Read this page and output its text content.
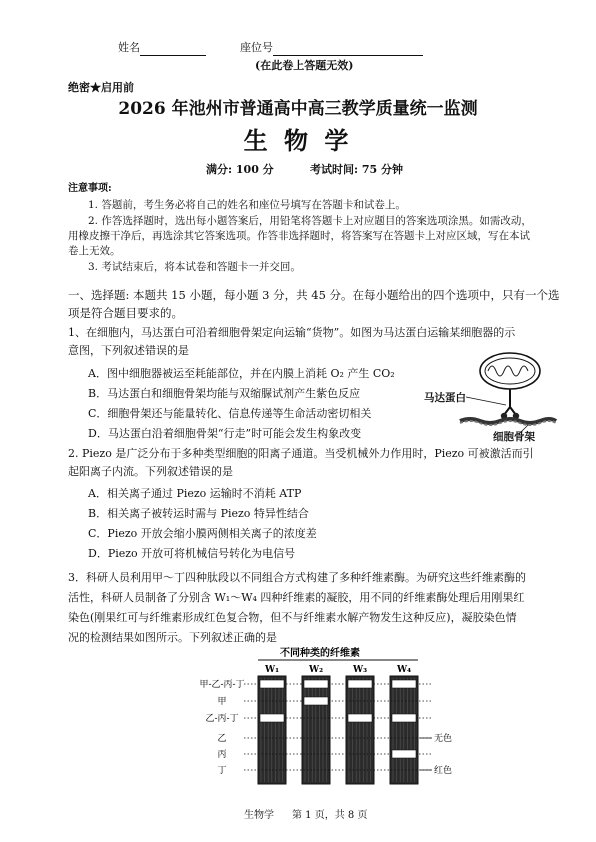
姓名	座位号
(在此卷上答题无效)
绝密★启用前
2026 年池州市普通高中高三教学质量统一监测
生 物 学
满分: 100 分	考试时间: 75 分钟
注意事项:
1. 答题前，考生务必将自己的姓名和座位号填写在答题卡和试卷上。
2. 作答选择题时，选出每小题答案后，用铅笔将答题卡上对应题目的答案选项涂黑。如需改动，
用橡皮擦干净后，再选涂其它答案选项。作答非选择题时，将答案写在答题卡上对应区域，写在本试
卷上无效。
3. 考试结束后，将本试卷和答题卡一并交回。
一、选择题: 本题共 15 小题，每小题 3 分，共 45 分。在每小题给出的四个选项中，只有一个选
项是符合题目要求的。
1、在细胞内，马达蛋白可沿着细胞骨架定向运输“货物”。如图为马达蛋白运输某细胞器的示
意图，下列叙述错误的是
A．图中细胞器被运至耗能部位，并在内膜上消耗 O₂ 产生 CO₂
B．马达蛋白和细胞骨架均能与双缩脲试剂产生紫色反应
C．细胞骨架还与能量转化、信息传递等生命活动密切相关
D．马达蛋白沿着细胞骨架“行走”时可能会发生构象改变
马达蛋白
细胞骨架
2. Piezo 是广泛分布于多种类型细胞的阳离子通道。当受机械外力作用时，Piezo 可被激活而引
起阳离子内流。下列叙述错误的是
A．相关离子通过 Piezo 运输时不消耗 ATP
B．相关离子被转运时需与 Piezo 特异性结合
C．Piezo 开放会缩小膜两侧相关离子的浓度差
D．Piezo 开放可将机械信号转化为电信号
3．科研人员利用甲～丁四种肽段以不同组合方式构建了多种纤维素酶。为研究这些纤维素酶的
活性，科研人员制备了分别含 W₁～W₄ 四种纤维素的凝胶，用不同的纤维素酶处理后用刚果红
染色(刚果红可与纤维素形成红色复合物，但不与纤维素水解产物发生这种反应)，凝胶染色情
况的检测结果如图所示。下列叙述正确的是
不同种类的纤维素
W₁	W₂	W₃	W₄
甲-乙-丙-丁
甲
乙-丙-丁
乙
丙
丁
无色
红色
生物学 第 1 页，共 8 页
